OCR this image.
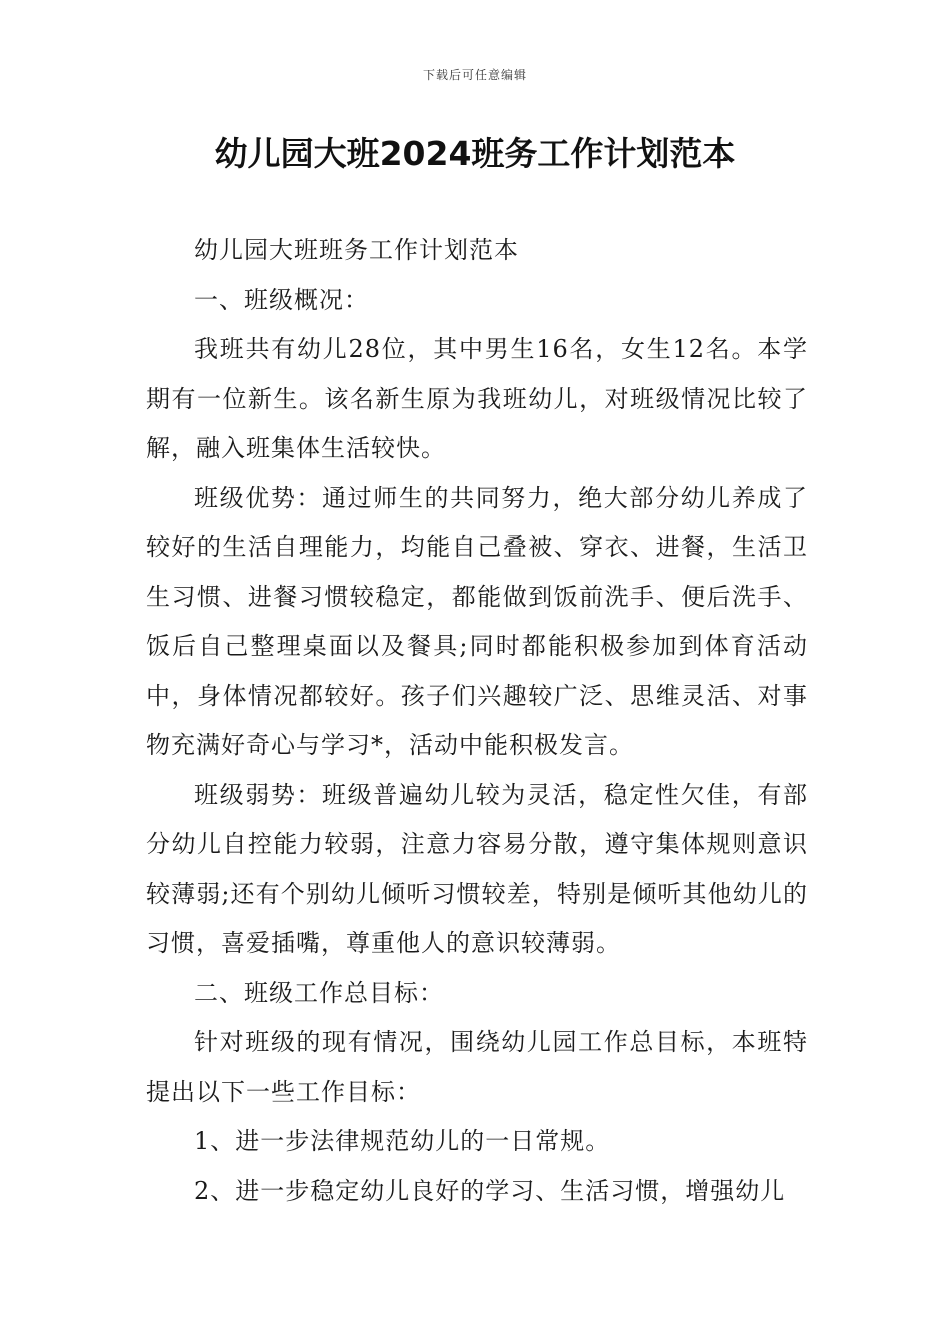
下载后可任意编辑
幼儿园大班2024班务工作计划范本

幼儿园大班班务工作计划范本

一、班级概况：

我班共有幼儿28位，其中男生16名，女生12名。本学期有一位新生。该名新生原为我班幼儿，对班级情况比较了解，融入班集体生活较快。

班级优势：通过师生的共同努力，绝大部分幼儿养成了较好的生活自理能力，均能自己叠被、穿衣、进餐，生活卫生习惯、进餐习惯较稳定，都能做到饭前洗手、便后洗手、饭后自己整理桌面以及餐具;同时都能积极参加到体育活动中，身体情况都较好。孩子们兴趣较广泛、思维灵活、对事物充满好奇心与学习*，活动中能积极发言。

班级弱势：班级普遍幼儿较为灵活，稳定性欠佳，有部分幼儿自控能力较弱，注意力容易分散，遵守集体规则意识较薄弱;还有个别幼儿倾听习惯较差，特别是倾听其他幼儿的习惯，喜爱插嘴，尊重他人的意识较薄弱。

二、班级工作总目标：

针对班级的现有情况，围绕幼儿园工作总目标，本班特提出以下一些工作目标：

1、进一步法律规范幼儿的一日常规。

2、进一步稳定幼儿良好的学习、生活习惯，增强幼儿
